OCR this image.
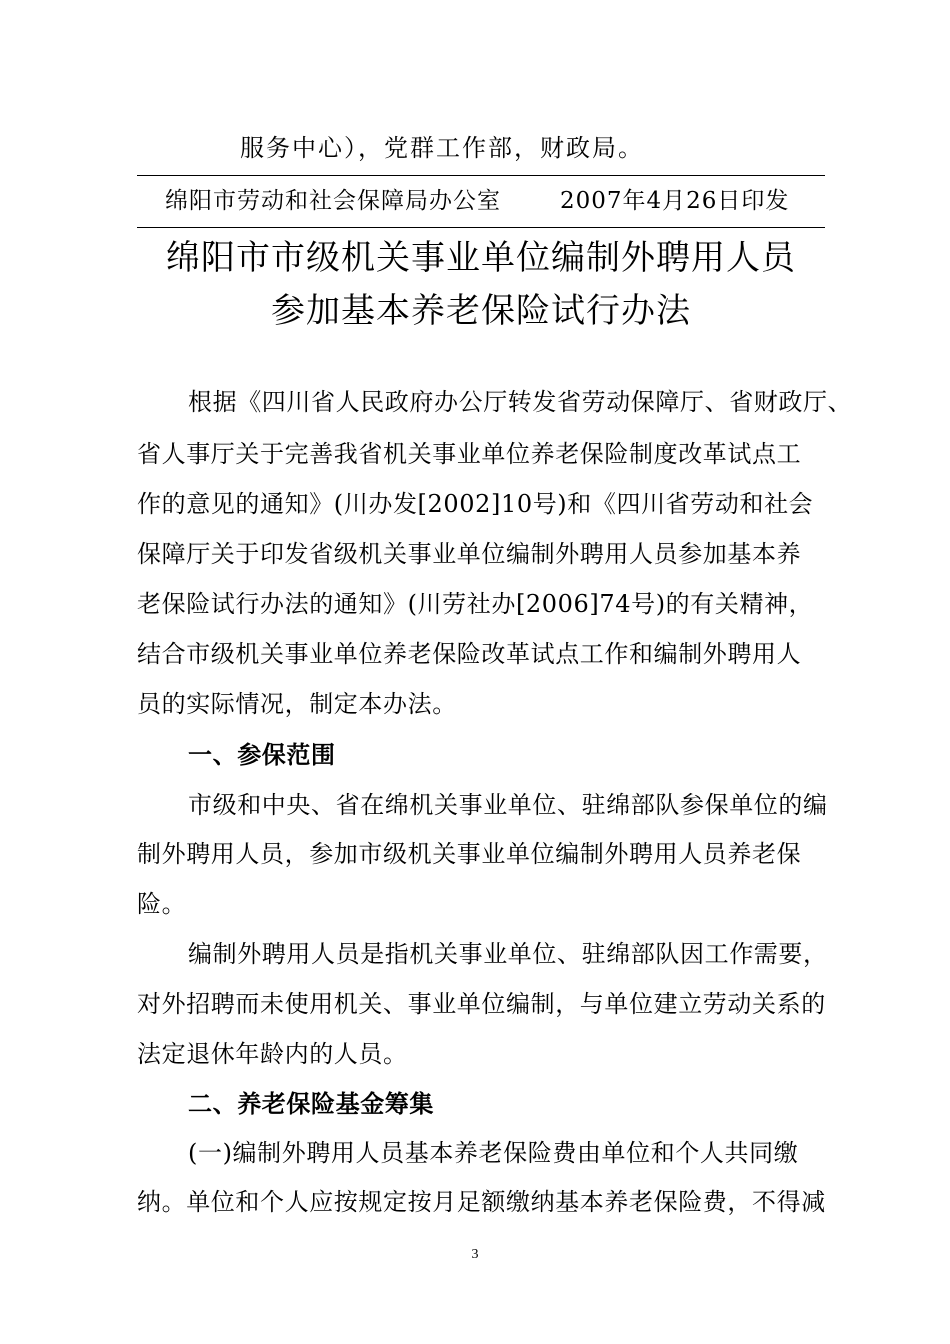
服务中心），党群工作部，财政局。
绵阳市劳动和社会保障局办公室	2007年4月26日印发
绵阳市市级机关事业单位编制外聘用人员
参加基本养老保险试行办法
根据《四川省人民政府办公厅转发省劳动保障厅、省财政厅、
省人事厅关于完善我省机关事业单位养老保险制度改革试点工
作的意见的通知》(川办发[2002]10号)和《四川省劳动和社会
保障厅关于印发省级机关事业单位编制外聘用人员参加基本养
老保险试行办法的通知》(川劳社办[2006]74号)的有关精神，
结合市级机关事业单位养老保险改革试点工作和编制外聘用人
员的实际情况，制定本办法。
一、参保范围
市级和中央、省在绵机关事业单位、驻绵部队参保单位的编
制外聘用人员，参加市级机关事业单位编制外聘用人员养老保
险。
编制外聘用人员是指机关事业单位、驻绵部队因工作需要，
对外招聘而未使用机关、事业单位编制，与单位建立劳动关系的
法定退休年龄内的人员。
二、养老保险基金筹集
(一)编制外聘用人员基本养老保险费由单位和个人共同缴
纳。单位和个人应按规定按月足额缴纳基本养老保险费，不得减
3
